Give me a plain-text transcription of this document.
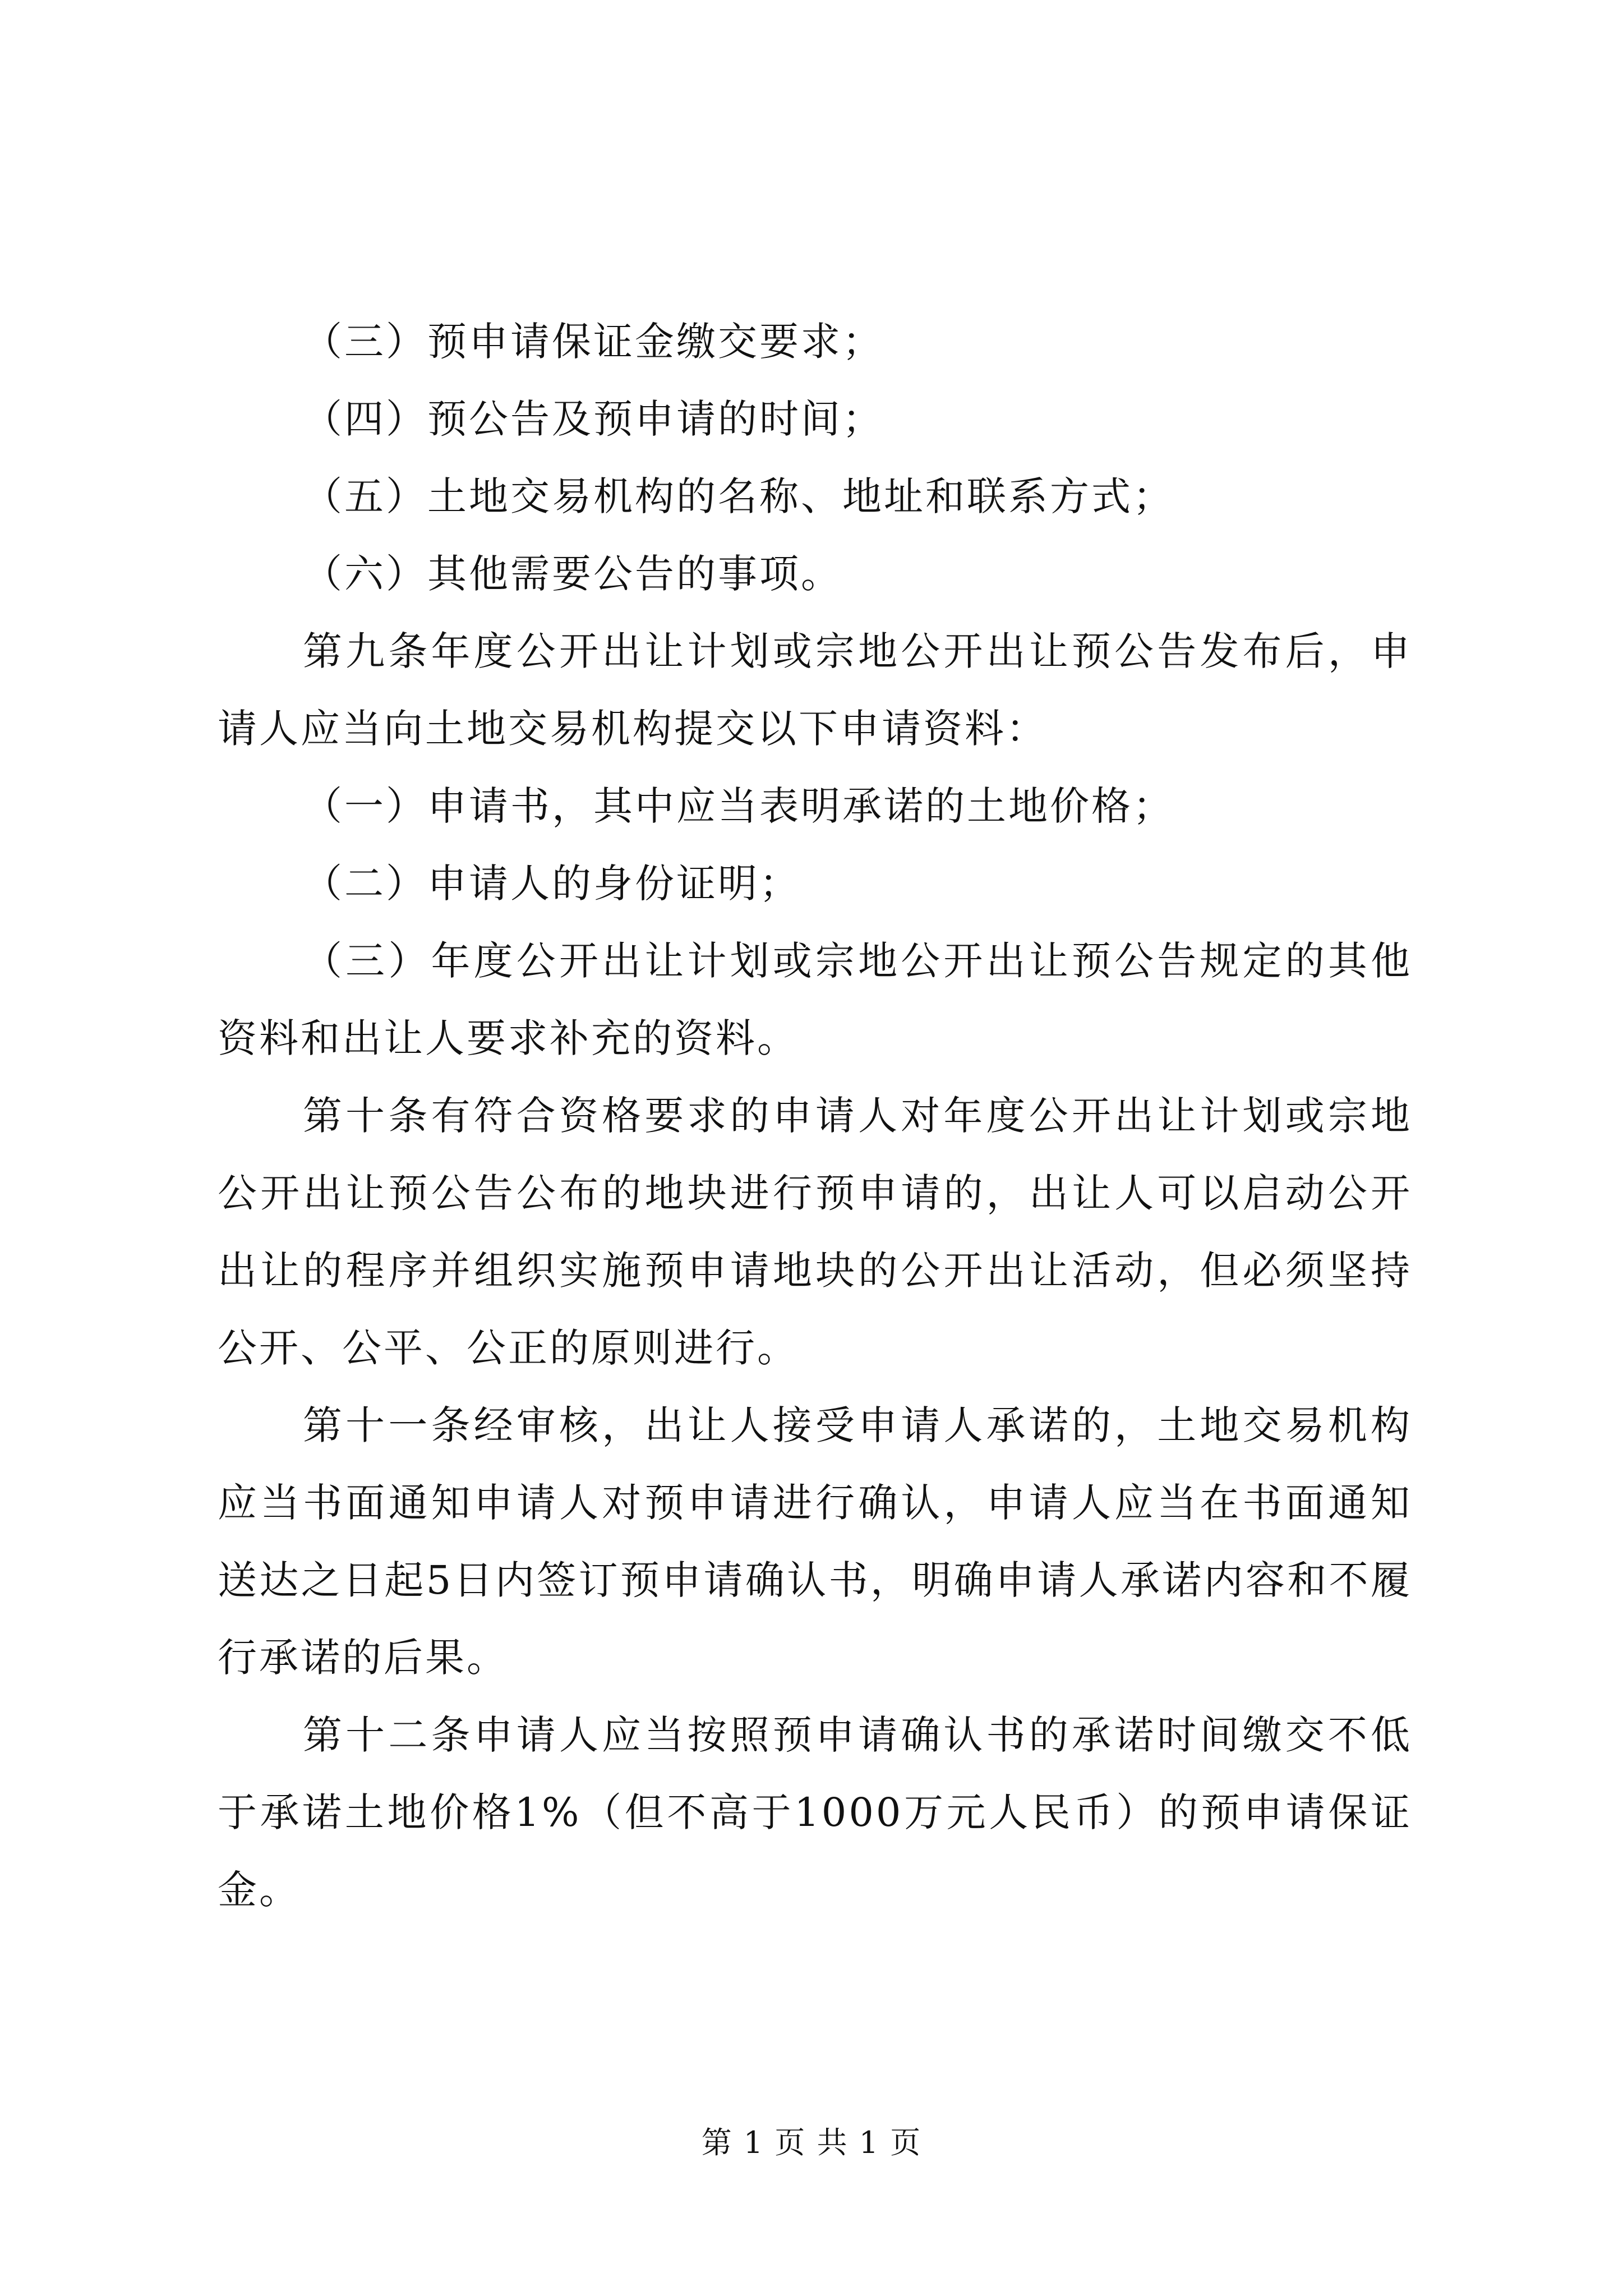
（三）预申请保证金缴交要求；

（四）预公告及预申请的时间；

（五）土地交易机构的名称、地址和联系方式；

（六）其他需要公告的事项。

第九条年度公开出让计划或宗地公开出让预公告发布后，申请人应当向土地交易机构提交以下申请资料：

（一）申请书，其中应当表明承诺的土地价格；

（二）申请人的身份证明；

（三）年度公开出让计划或宗地公开出让预公告规定的其他资料和出让人要求补充的资料。

第十条有符合资格要求的申请人对年度公开出让计划或宗地公开出让预公告公布的地块进行预申请的，出让人可以启动公开出让的程序并组织实施预申请地块的公开出让活动，但必须坚持公开、公平、公正的原则进行。

第十一条经审核，出让人接受申请人承诺的，土地交易机构应当书面通知申请人对预申请进行确认，申请人应当在书面通知送达之日起5日内签订预申请确认书，明确申请人承诺内容和不履行承诺的后果。

第十二条申请人应当按照预申请确认书的承诺时间缴交不低于承诺土地价格1%（但不高于1000万元人民币）的预申请保证金。

第 1 页 共 1 页
